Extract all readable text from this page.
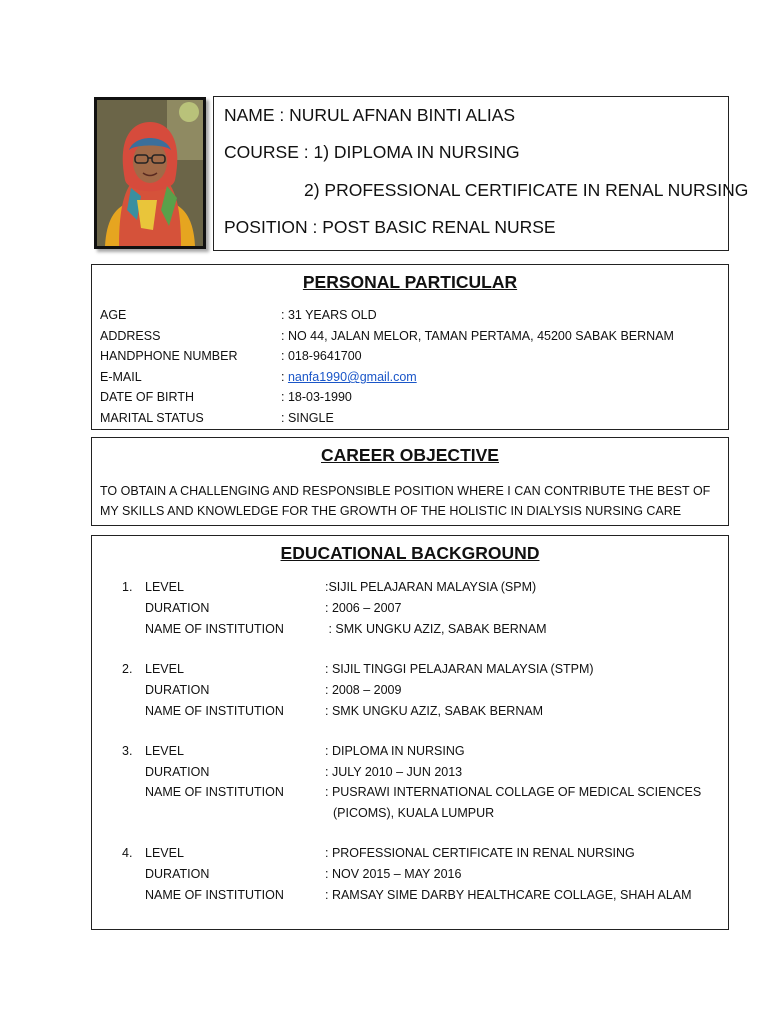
NAME : NURUL AFNAN BINTI ALIAS
COURSE : 1) DIPLOMA IN NURSING
2) PROFESSIONAL CERTIFICATE IN RENAL NURSING
POSITION : POST BASIC RENAL NURSE
PERSONAL PARTICULAR
AGE	: 31 YEARS OLD
ADDRESS	: NO 44, JALAN MELOR, TAMAN PERTAMA, 45200 SABAK BERNAM
HANDPHONE NUMBER	: 018-9641700
E-MAIL	: nanfa1990@gmail.com
DATE OF BIRTH	: 18-03-1990
MARITAL STATUS	: SINGLE
CAREER OBJECTIVE
TO OBTAIN A CHALLENGING AND RESPONSIBLE POSITION WHERE I CAN CONTRIBUTE THE BEST OF MY SKILLS AND KNOWLEDGE FOR THE GROWTH OF THE HOLISTIC IN DIALYSIS NURSING CARE
EDUCATIONAL BACKGROUND
1. LEVEL	:SIJIL PELAJARAN MALAYSIA (SPM)
DURATION	: 2006 – 2007
NAME OF INSTITUTION	: SMK UNGKU AZIZ, SABAK BERNAM
2. LEVEL	: SIJIL TINGGI PELAJARAN MALAYSIA (STPM)
DURATION	: 2008 – 2009
NAME OF INSTITUTION	: SMK UNGKU AZIZ, SABAK BERNAM
3. LEVEL	: DIPLOMA IN NURSING
DURATION	: JULY 2010 – JUN 2013
NAME OF INSTITUTION	: PUSRAWI INTERNATIONAL COLLAGE OF MEDICAL SCIENCES
(PICOMS), KUALA LUMPUR
4. LEVEL	: PROFESSIONAL CERTIFICATE IN RENAL NURSING
DURATION	: NOV 2015 – MAY 2016
NAME OF INSTITUTION	: RAMSAY SIME DARBY HEALTHCARE COLLAGE, SHAH ALAM
